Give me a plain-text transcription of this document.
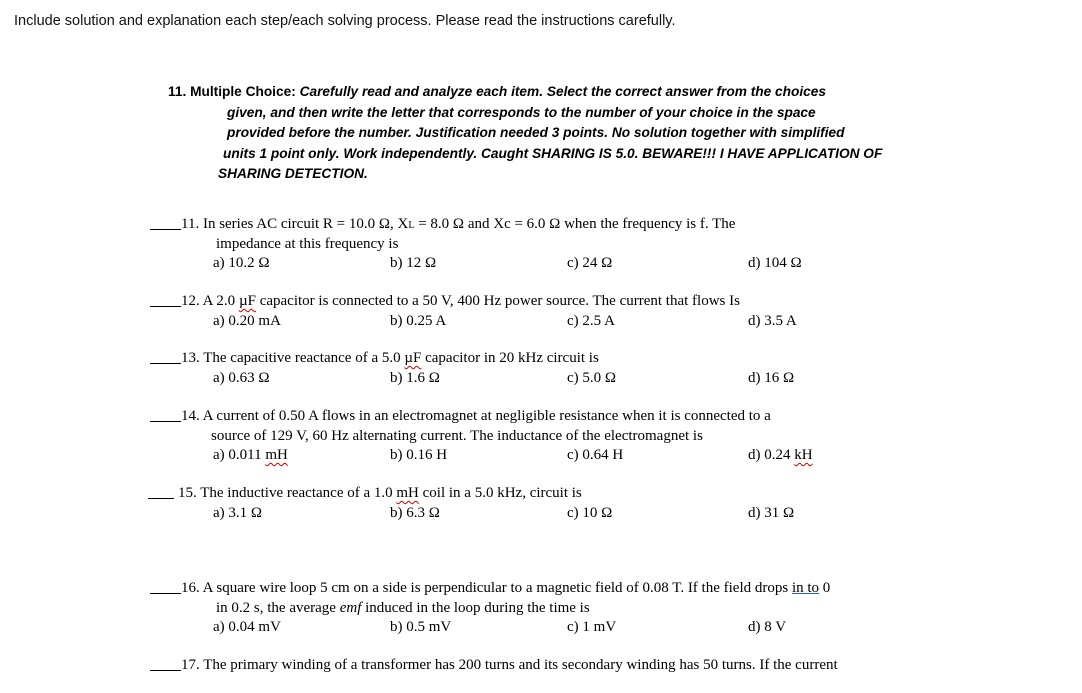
Include solution and explanation each step/each solving process. Please read the instructions carefully.
11. Multiple Choice: Carefully read and analyze each item. Select the correct answer from the choices
given, and then write the letter that corresponds to the number of your choice in the space
provided before the number. Justification needed 3 points. No solution together with simplified
units 1 point only. Work independently. Caught SHARING IS 5.0. BEWARE!!! I HAVE APPLICATION OF
SHARING DETECTION.
11. In series AC circuit R = 10.0 Ω, XL = 8.0 Ω and Xc = 6.0 Ω when the frequency is f. The
impedance at this frequency is
a) 10.2 Ω	b) 12 Ω	c) 24 Ω	d) 104 Ω
12. A 2.0 µF capacitor is connected to a 50 V, 400 Hz power source. The current that flows Is
a) 0.20 mA	b) 0.25 A	c) 2.5 A	d) 3.5 A
13. The capacitive reactance of a 5.0 µF capacitor in 20 kHz circuit is
a) 0.63 Ω	b) 1.6 Ω	c) 5.0 Ω	d) 16 Ω
14. A current of 0.50 A flows in an electromagnet at negligible resistance when it is connected to a
source of 129 V, 60 Hz alternating current. The inductance of the electromagnet is
a) 0.011 mH	b) 0.16 H	c) 0.64 H	d) 0.24 kH
15. The inductive reactance of a 1.0 mH coil in a 5.0 kHz, circuit is
a) 3.1 Ω	b) 6.3 Ω	c) 10 Ω	d) 31 Ω
16. A square wire loop 5 cm on a side is perpendicular to a magnetic field of 0.08 T. If the field drops in to 0
in 0.2 s, the average emf induced in the loop during the time is
a) 0.04 mV	b) 0.5 mV	c) 1 mV	d) 8 V
17. The primary winding of a transformer has 200 turns and its secondary winding has 50 turns. If the current
